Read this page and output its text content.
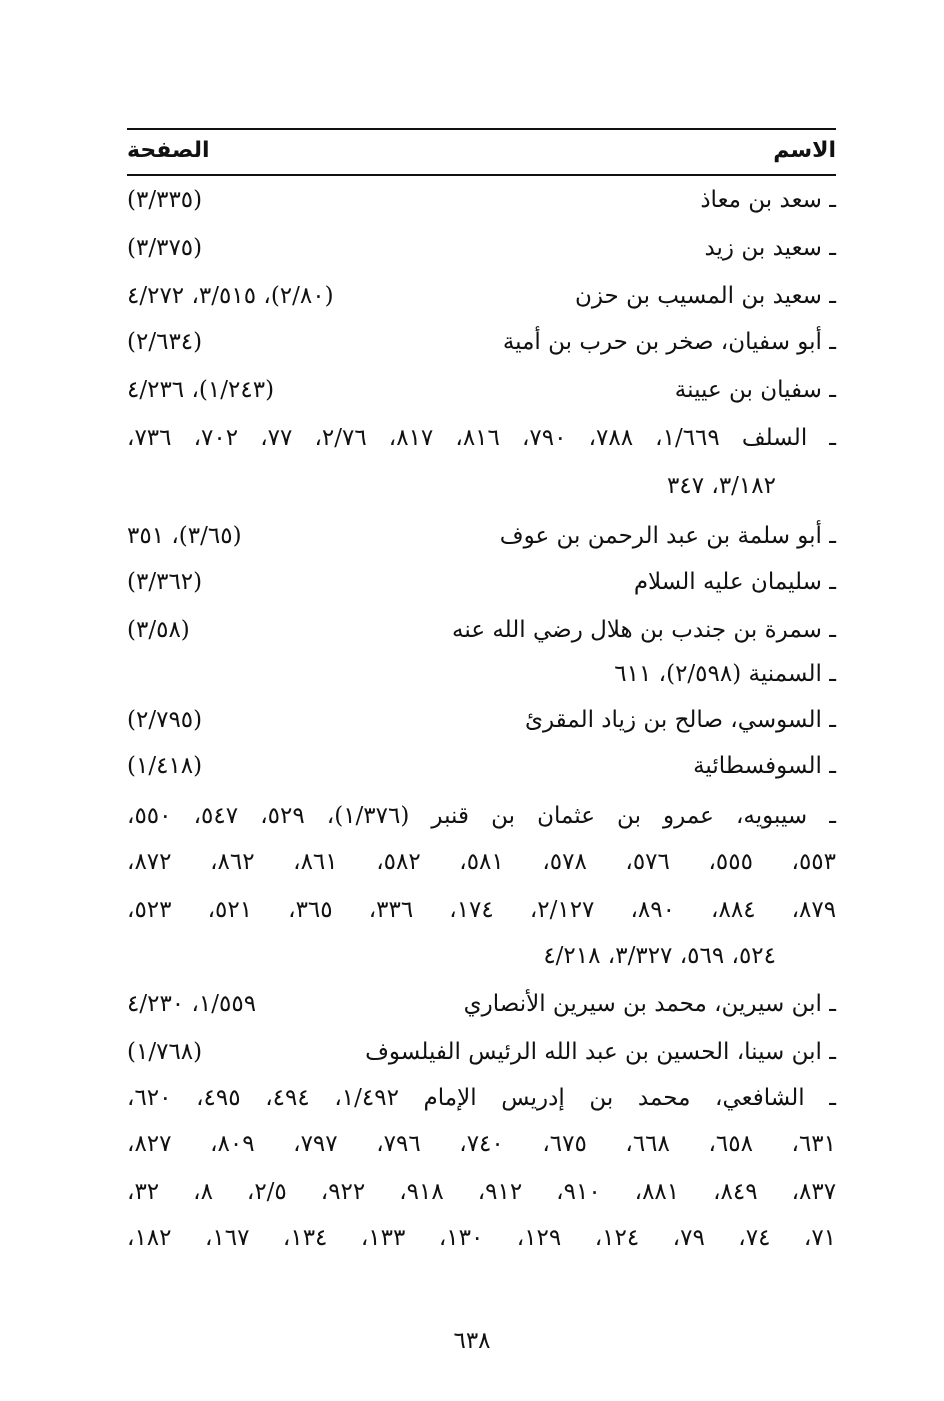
الاسم
الصفحة
ـ سعد بن معاذ
(٣/٣٣٥)
ـ سعيد بن زيد
(٣/٣٧٥)
ـ سعيد بن المسيب بن حزن
(٢/٨٠)، ٣/٥١٥، ٤/٢٧٢
ـ أبو سفيان، صخر بن حرب بن أمية
(٢/٦٣٤)
ـ سفيان بن عيينة
(١/٢٤٣)، ٤/٢٣٦
ـ السلف ١/٦٦٩، ٧٨٨، ٧٩٠، ٨١٦، ٨١٧، ٢/٧٦، ٧٧، ٧٠٢، ٧٣٦،
٣/١٨٢، ٣٤٧
ـ أبو سلمة بن عبد الرحمن بن عوف
(٣/٦٥)، ٣٥١
ـ سليمان عليه السلام
(٣/٣٦٢)
ـ سمرة بن جندب بن هلال رضي الله عنه
(٣/٥٨)
ـ السمنية (٢/٥٩٨)، ٦١١
ـ السوسي، صالح بن زياد المقرئ
(٢/٧٩٥)
ـ السوفسطائية
(١/٤١٨)
ـ سيبويه، عمرو بن عثمان بن قنبر (١/٣٧٦)، ٥٢٩، ٥٤٧، ٥٥٠،
٥٥٣، ٥٥٥، ٥٧٦، ٥٧٨، ٥٨١، ٥٨٢، ٨٦١، ٨٦٢، ٨٧٢،
٨٧٩، ٨٨٤، ٨٩٠، ٢/١٢٧، ١٧٤، ٣٣٦، ٣٦٥، ٥٢١، ٥٢٣،
٥٢٤، ٥٦٩، ٣/٣٢٧، ٤/٢١٨
ـ ابن سيرين، محمد بن سيرين الأنصاري
١/٥٥٩، ٤/٢٣٠
ـ ابن سينا، الحسين بن عبد الله الرئيس الفيلسوف
(١/٧٦٨)
ـ الشافعي، محمد بن إدريس الإمام ١/٤٩٢، ٤٩٤، ٤٩٥، ٦٢٠،
٦٣١، ٦٥٨، ٦٦٨، ٦٧٥، ٧٤٠، ٧٩٦، ٧٩٧، ٨٠٩، ٨٢٧،
٨٣٧، ٨٤٩، ٨٨١، ٩١٠، ٩١٢، ٩١٨، ٩٢٢، ٢/٥، ٨، ٣٢،
٧١، ٧٤، ٧٩، ١٢٤، ١٢٩، ١٣٠، ١٣٣، ١٣٤، ١٦٧، ١٨٢،
٦٣٨
